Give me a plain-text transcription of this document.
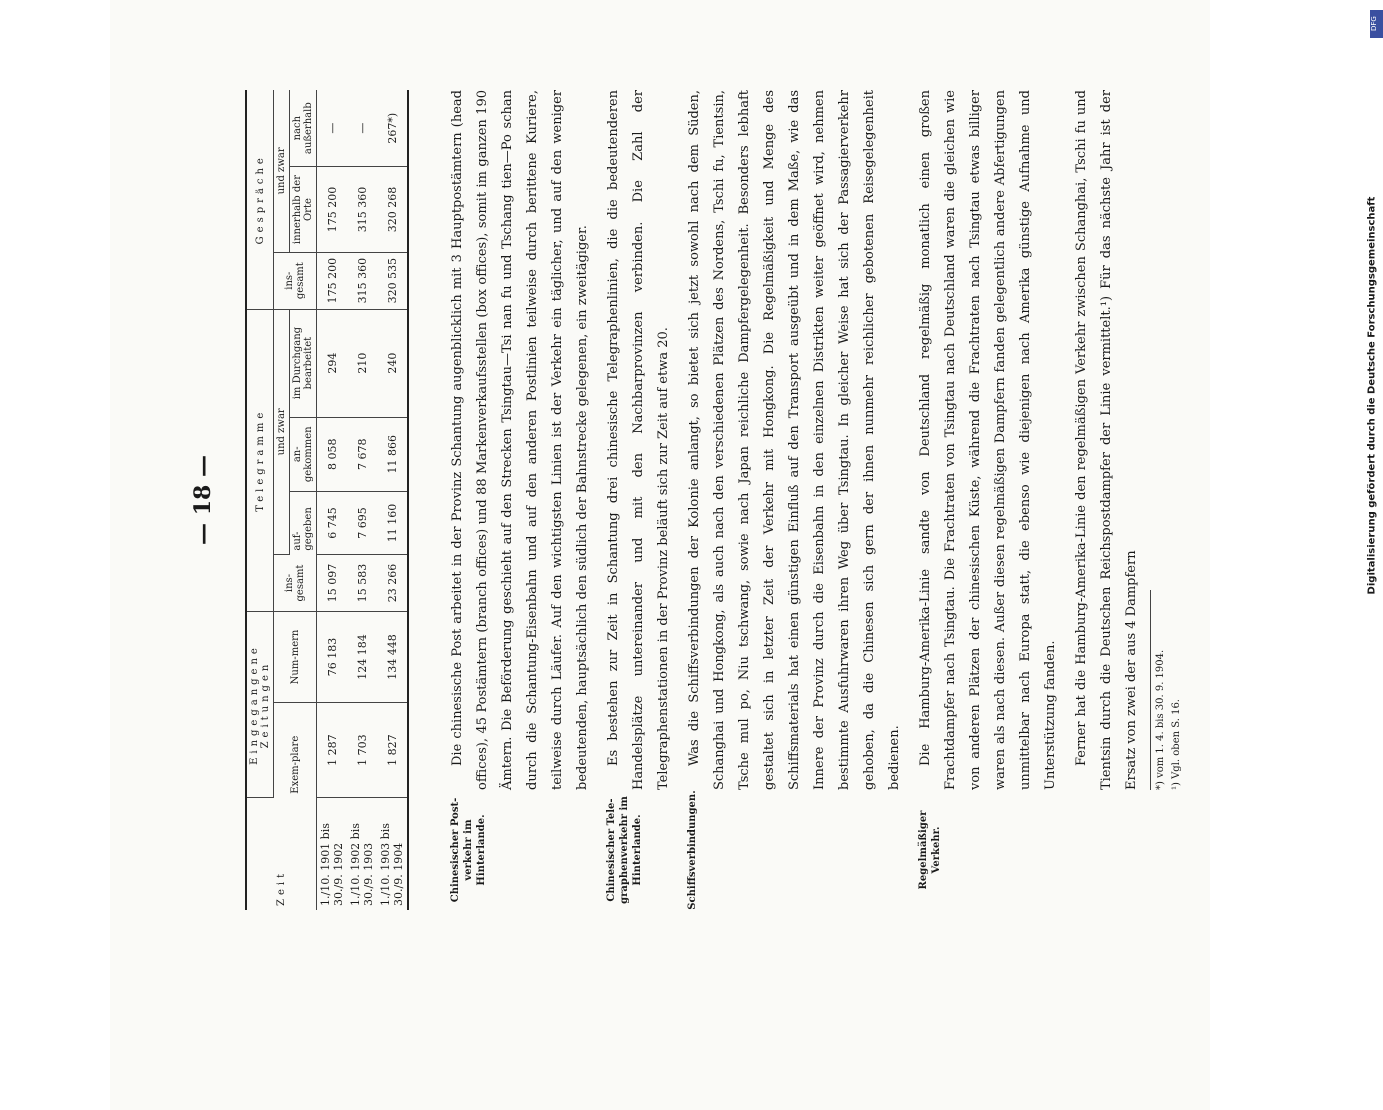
— 18 —
Zeit	Eingegangene Zeitungen		Telegramme				Gespräche		
	Exem-plare	Num-mern	ins-gesamt	und zwar			ins-gesamt	und zwar	
				auf-gegeben	an-gekommen	im Durchgang bearbeitet		innerhalb der Orte	nach außerhalb
1./10. 1901 bis 30./9. 1902	1 287	76 183	15 097	6 745	8 058	294	175 200	175 200	—
1./10. 1902 bis 30./9. 1903	1 703	124 184	15 583	7 695	7 678	210	315 360	315 360	—
1./10. 1903 bis 30./9. 1904	1 827	134 448	23 266	11 160	11 866	240	320 535	320 268	267*)
Chinesischer Post-verkehr im Hinterlande.

Die chinesische Post arbeitet in der Provinz Schantung augenblicklich mit 3 Hauptpostämtern (head offices), 45 Postämtern (branch offices) und 88 Markenverkaufsstellen (box offices), somit im ganzen 190 Ämtern. Die Beförderung geschieht auf den Strecken Tsingtau—Tsi nan fu und Tschang tien—Po schan durch die Schantung-Eisenbahn und auf den anderen Postlinien teilweise durch berittene Kuriere, teilweise durch Läufer. Auf den wichtigsten Linien ist der Verkehr ein täglicher, und auf den weniger bedeutenden, hauptsächlich den südlich der Bahnstrecke gelegenen, ein zweitägiger.

Chinesischer Tele-graphenverkehr im Hinterlande.

Es bestehen zur Zeit in Schantung drei chinesische Telegraphenlinien, die die bedeutenderen Handelsplätze untereinander und mit den Nachbarprovinzen verbinden. Die Zahl der Telegraphenstationen in der Provinz beläuft sich zur Zeit auf etwa 20.

Schiffsverbindungen.

Was die Schiffsverbindungen der Kolonie anlangt, so bietet sich jetzt sowohl nach dem Süden, Schanghai und Hongkong, als auch nach den verschiedenen Plätzen des Nordens, Tschi fu, Tientsin, Tsche mul po, Niu tschwang, sowie nach Japan reichliche Dampfergelegenheit. Besonders lebhaft gestaltet sich in letzter Zeit der Verkehr mit Hongkong. Die Regelmäßigkeit und Menge des Schiffsmaterials hat einen günstigen Einfluß auf den Transport ausgeübt und in dem Maße, wie das Innere der Provinz durch die Eisenbahn in den einzelnen Distrikten weiter geöffnet wird, nehmen bestimmte Ausfuhrwaren ihren Weg über Tsingtau. In gleicher Weise hat sich der Passagierverkehr gehoben, da die Chinesen sich gern der ihnen nunmehr reichlicher gebotenen Reisegelegenheit bedienen.

Regelmäßiger Verkehr.

Die Hamburg-Amerika-Linie sandte von Deutschland regelmäßig monatlich einen großen Frachtdampfer nach Tsingtau. Die Frachtraten von Tsingtau nach Deutschland waren die gleichen wie von anderen Plätzen der chinesischen Küste, während die Frachtraten nach Tsingtau etwas billiger waren als nach diesen. Außer diesen regelmäßigen Dampfern fanden gelegentlich andere Abfertigungen unmittelbar nach Europa statt, die ebenso wie diejenigen nach Amerika günstige Aufnahme und Unterstützung fanden.	Ferner hat die Hamburg-Amerika-Linie den regelmäßigen Verkehr zwischen Schanghai, Tschi fu und Tientsin durch die Deutschen Reichspostdampfer der Linie vermittelt.¹) Für das nächste Jahr ist der Ersatz von zwei der aus 4 Dampfern	*) vom 1. 4. bis 30. 9. 1904. ¹) Vgl. oben S. 16.
Digitalisierung gefördert durch die Deutsche Forschungsgemeinschaft
DFG
